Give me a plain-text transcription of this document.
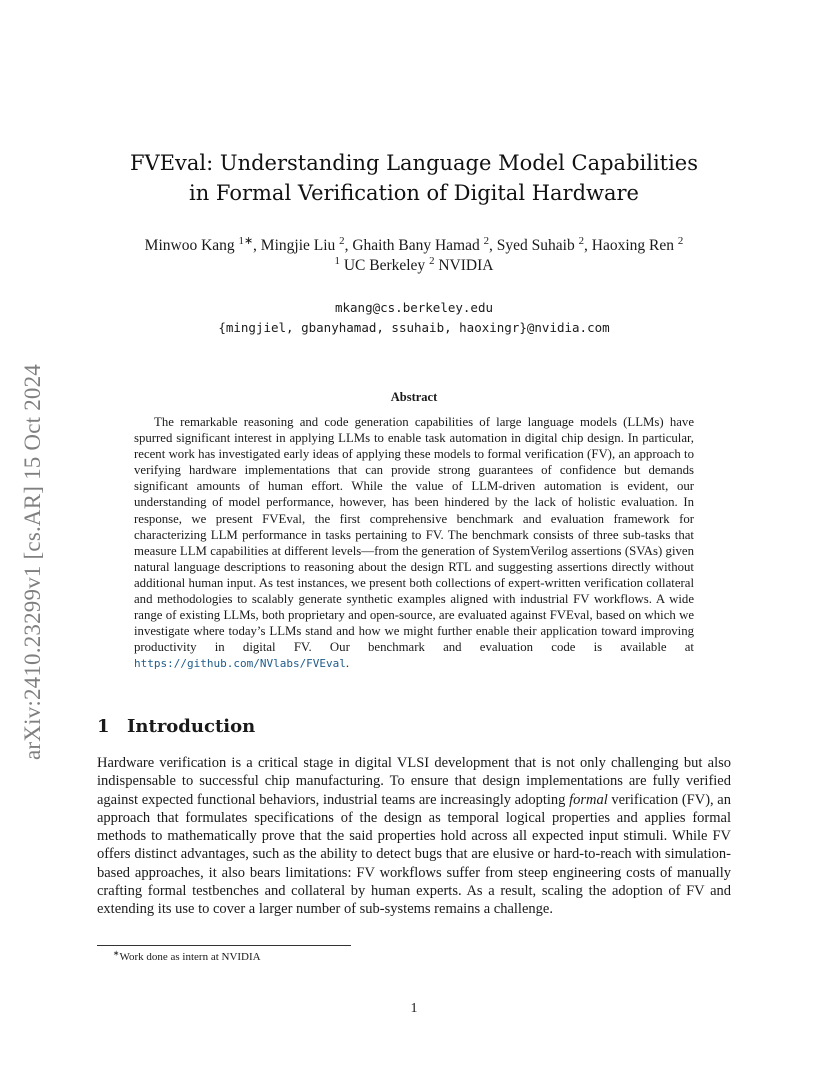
arXiv:2410.23299v1 [cs.AR] 15 Oct 2024
FVEval: Understanding Language Model Capabilities
in Formal Verification of Digital Hardware
Minwoo Kang $^{1∗}$, Mingjie Liu $^2$, Ghaith Bany Hamad $^2$, Syed Suhaib $^2$, Haoxing Ren $^2$
$^1$ UC Berkeley $^2$ NVIDIA
mkang@cs.berkeley.edu
{mingjiel, gbanyhamad, ssuhaib, haoxingr}@nvidia.com
Abstract
The remarkable reasoning and code generation capabilities of large language models (LLMs) have spurred significant interest in applying LLMs to enable task automation in digital chip design. In particular, recent work has investigated early ideas of applying these models to formal verification (FV), an approach to verifying hardware implementations that can provide strong guarantees of confidence but demands significant amounts of human effort. While the value of LLM-driven automation is evident, our understanding of model performance, however, has been hindered by the lack of holistic evaluation. In response, we present FVEval, the first comprehensive benchmark and evaluation framework for characterizing LLM performance in tasks pertaining to FV. The benchmark consists of three sub-tasks that measure LLM capabilities at different levels—from the generation of SystemVerilog assertions (SVAs) given natural language descriptions to reasoning about the design RTL and suggesting assertions directly without additional human input. As test instances, we present both collections of expert-written verification collateral and methodologies to scalably generate synthetic examples aligned with industrial FV workflows. A wide range of existing LLMs, both proprietary and open-source, are evaluated against FVEval, based on which we investigate where today’s LLMs stand and how we might further enable their application toward improving productivity in digital FV. Our benchmark and evaluation code is available at https://github.com/NVlabs/FVEval.
1 Introduction
Hardware verification is a critical stage in digital VLSI development that is not only challenging but also indispensable to successful chip manufacturing. To ensure that design implementations are fully verified against expected functional behaviors, industrial teams are increasingly adopting formal verification (FV), an approach that formulates specifications of the design as temporal logical properties and applies formal methods to mathematically prove that the said properties hold across all expected input stimuli. While FV offers distinct advantages, such as the ability to detect bugs that are elusive or hard-to-reach with simulation-based approaches, it also bears limitations: FV workflows suffer from steep engineering costs of manually crafting formal testbenches and collateral by human experts. As a result, scaling the adoption of FV and extending its use to cover a larger number of sub-systems remains a challenge.
∗Work done as intern at NVIDIA
1
